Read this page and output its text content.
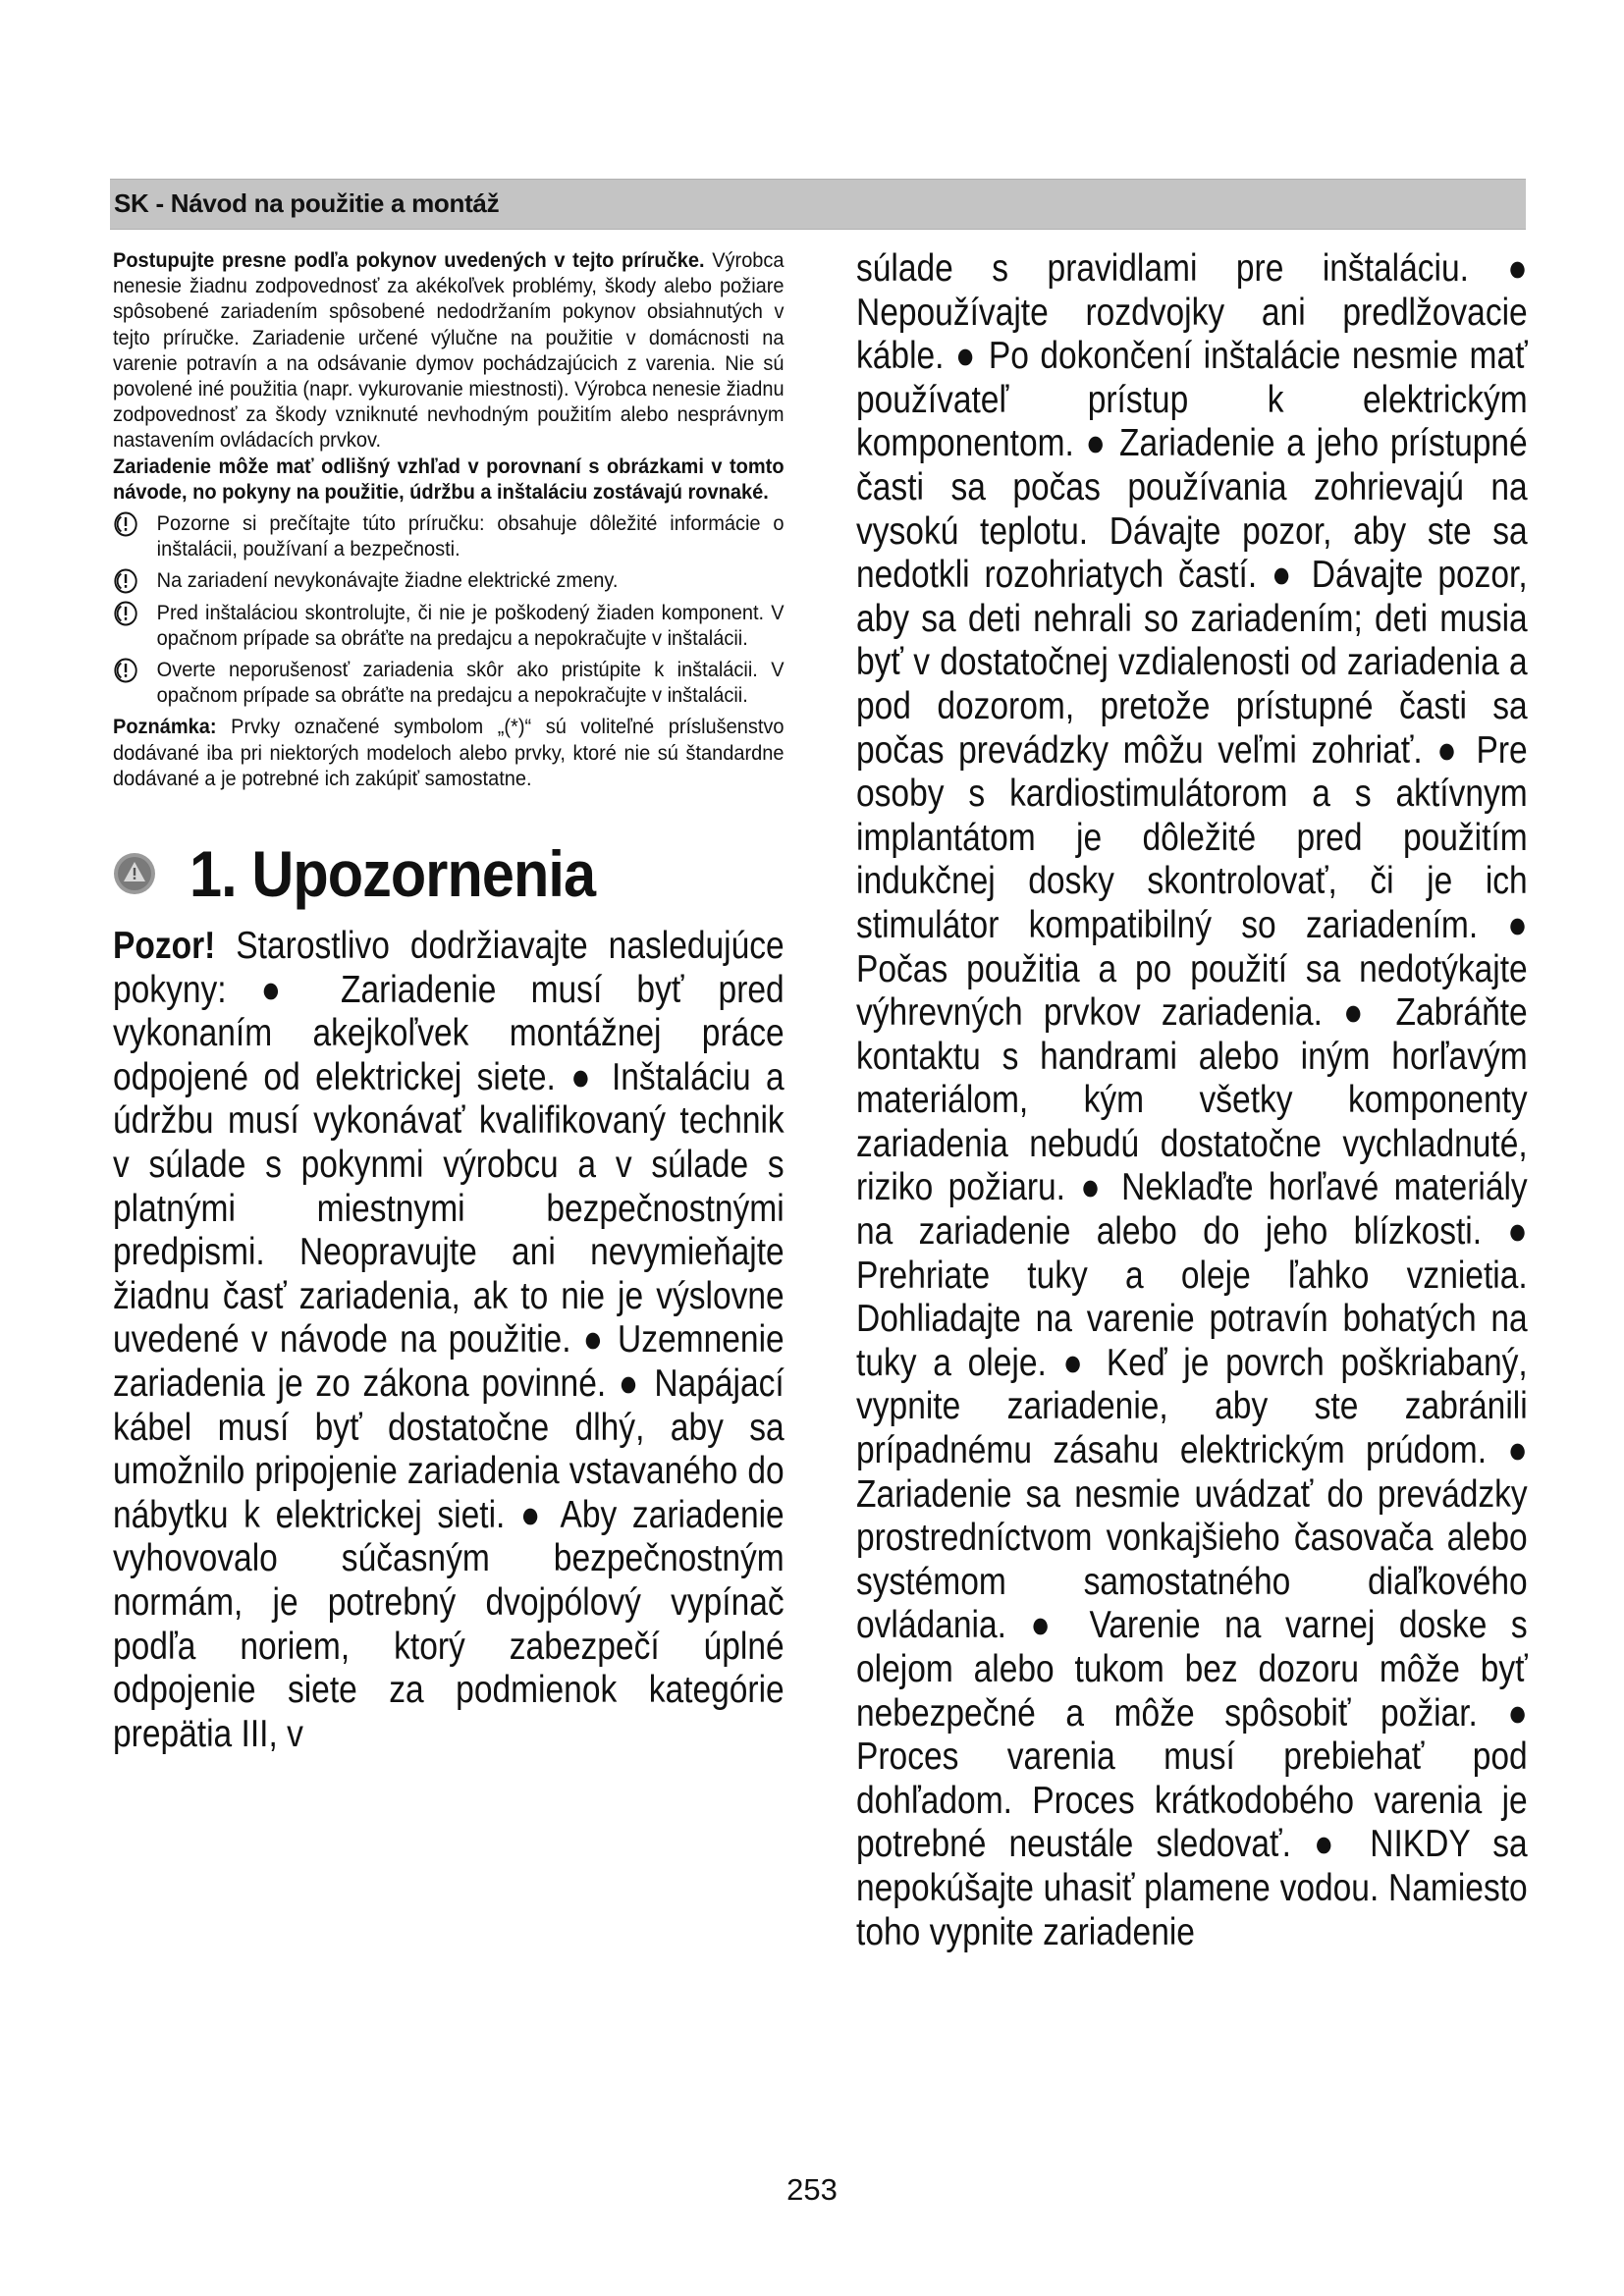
SK - Návod na použitie a montáž

Postupujte presne podľa pokynov uvedených v tejto príručke. Výrobca nenesie žiadnu zodpovednosť za akékoľvek problémy, škody alebo požiare spôsobené zariadením spôsobené nedodržaním pokynov obsiahnutých v tejto príručke. Zariadenie určené výlučne na použitie v domácnosti na varenie potravín a na odsávanie dymov pochádzajúcich z varenia. Nie sú povolené iné použitia (napr. vykurovanie miestnosti). Výrobca nenesie žiadnu zodpovednosť za škody vzniknuté nevhodným použitím alebo nesprávnym nastavením ovládacích prvkov.

Zariadenie môže mať odlišný vzhľad v porovnaní s obrázkami v tomto návode, no pokyny na použitie, údržbu a inštaláciu zostávajú rovnaké.

Pozorne si prečítajte túto príručku: obsahuje dôležité informácie o inštalácii, používaní a bezpečnosti.
Na zariadení nevykonávajte žiadne elektrické zmeny.
Pred inštaláciou skontrolujte, či nie je poškodený žiaden komponent. V opačnom prípade sa obráťte na predajcu a nepokračujte v inštalácii.
Overte neporušenosť zariadenia skôr ako pristúpite k inštalácii. V opačnom prípade sa obráťte na predajcu a nepokračujte v inštalácii.

Poznámka: Prvky označené symbolom „(*)“ sú voliteľné príslušenstvo dodávané iba pri niektorých modeloch alebo prvky, ktoré nie sú štandardne dodávané a je potrebné ich zakúpiť samostatne.

1. Upozornenia

Pozor! Starostlivo dodržiavajte nasledujúce pokyny: ● Zariadenie musí byť pred vykonaním akejkoľvek montážnej práce odpojené od elektrickej siete. ● Inštaláciu a údržbu musí vykonávať kvalifikovaný technik v súlade s pokynmi výrobcu a v súlade s platnými miestnymi bezpečnostnými predpismi. Neopravujte ani nevymieňajte žiadnu časť zariadenia, ak to nie je výslovne uvedené v návode na použitie. ● Uzemnenie zariadenia je zo zákona povinné. ● Napájací kábel musí byť dostatočne dlhý, aby sa umožnilo pripojenie zariadenia vstavaného do nábytku k elektrickej sieti. ● Aby zariadenie vyhovovalo súčasným bezpečnostným normám, je potrebný dvojpólový vypínač podľa noriem, ktorý zabezpečí úplné odpojenie siete za podmienok kategórie prepätia III, v

súlade s pravidlami pre inštaláciu. ● Nepoužívajte rozdvojky ani predlžovacie káble. ● Po dokončení inštalácie nesmie mať používateľ prístup k elektrickým komponentom. ● Zariadenie a jeho prístupné časti sa počas používania zohrievajú na vysokú teplotu. Dávajte pozor, aby ste sa nedotkli rozohriatych častí. ● Dávajte pozor, aby sa deti nehrali so zariadením; deti musia byť v dostatočnej vzdialenosti od zariadenia a pod dozorom, pretože prístupné časti sa počas prevádzky môžu veľmi zohriať. ● Pre osoby s kardiostimulátorom a s aktívnym implantátom je dôležité pred použitím indukčnej dosky skontrolovať, či je ich stimulátor kompatibilný so zariadením. ● Počas použitia a po použití sa nedotýkajte výhrevných prvkov zariadenia. ● Zabráňte kontaktu s handrami alebo iným horľavým materiálom, kým všetky komponenty zariadenia nebudú dostatočne vychladnuté, riziko požiaru. ● Neklaďte horľavé materiály na zariadenie alebo do jeho blízkosti. ● Prehriate tuky a oleje ľahko vznietia. Dohliadajte na varenie potravín bohatých na tuky a oleje. ● Keď je povrch poškriabaný, vypnite zariadenie, aby ste zabránili prípadnému zásahu elektrickým prúdom. ● Zariadenie sa nesmie uvádzať do prevádzky prostredníctvom vonkajšieho časovača alebo systémom samostatného diaľkového ovládania. ● Varenie na varnej doske s olejom alebo tukom bez dozoru môže byť nebezpečné a môže spôsobiť požiar. ● Proces varenia musí prebiehať pod dohľadom. Proces krátkodobého varenia je potrebné neustále sledovať. ● NIKDY sa nepokúšajte uhasiť plamene vodou. Namiesto toho vypnite zariadenie

253
